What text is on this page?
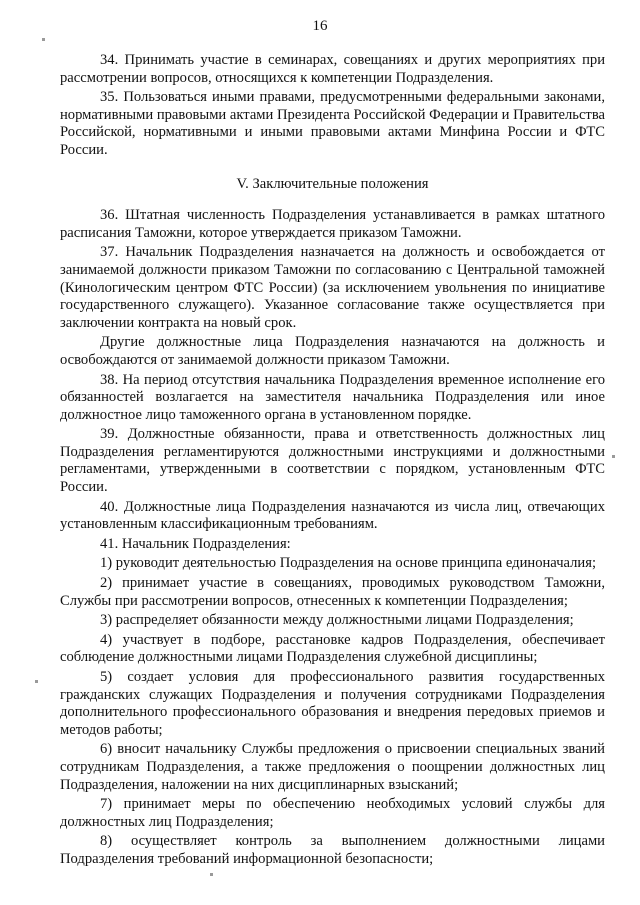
16

34. Принимать участие в семинарах, совещаниях и других мероприятиях при рассмотрении вопросов, относящихся к компетенции Подразделения.

35. Пользоваться иными правами, предусмотренными федеральными законами, нормативными правовыми актами Президента Российской Федерации и Правительства Российской, нормативными и иными правовыми актами Минфина России и ФТС России.

V. Заключительные положения

36. Штатная численность Подразделения устанавливается в рамках штатного расписания Таможни, которое утверждается приказом Таможни.

37. Начальник Подразделения назначается на должность и освобождается от занимаемой должности приказом Таможни по согласованию с Центральной таможней (Кинологическим центром ФТС России) (за исключением увольнения по инициативе государственного служащего). Указанное согласование также осуществляется при заключении контракта на новый срок.

Другие должностные лица Подразделения назначаются на должность и освобождаются от занимаемой должности приказом Таможни.

38. На период отсутствия начальника Подразделения временное исполнение его обязанностей возлагается на заместителя начальника Подразделения или иное должностное лицо таможенного органа в установленном порядке.

39. Должностные обязанности, права и ответственность должностных лиц Подразделения регламентируются должностными инструкциями и должностными регламентами, утвержденными в соответствии с порядком, установленным ФТС России.

40. Должностные лица Подразделения назначаются из числа лиц, отвечающих установленным классификационным требованиям.

41. Начальник Подразделения:

1) руководит деятельностью Подразделения на основе принципа единоначалия;

2) принимает участие в совещаниях, проводимых руководством Таможни, Службы при рассмотрении вопросов, отнесенных к компетенции Подразделения;

3) распределяет обязанности между должностными лицами Подразделения;

4) участвует в подборе, расстановке кадров Подразделения, обеспечивает соблюдение должностными лицами Подразделения служебной дисциплины;

5) создает условия для профессионального развития государственных гражданских служащих Подразделения и получения сотрудниками Подразделения дополнительного профессионального образования и внедрения передовых приемов и методов работы;

6) вносит начальнику Службы предложения о присвоении специальных званий сотрудникам Подразделения, а также предложения о поощрении должностных лиц Подразделения, наложении на них дисциплинарных взысканий;

7) принимает меры по обеспечению необходимых условий службы для должностных лиц Подразделения;

8) осуществляет контроль за выполнением должностными лицами Подразделения требований информационной безопасности;
